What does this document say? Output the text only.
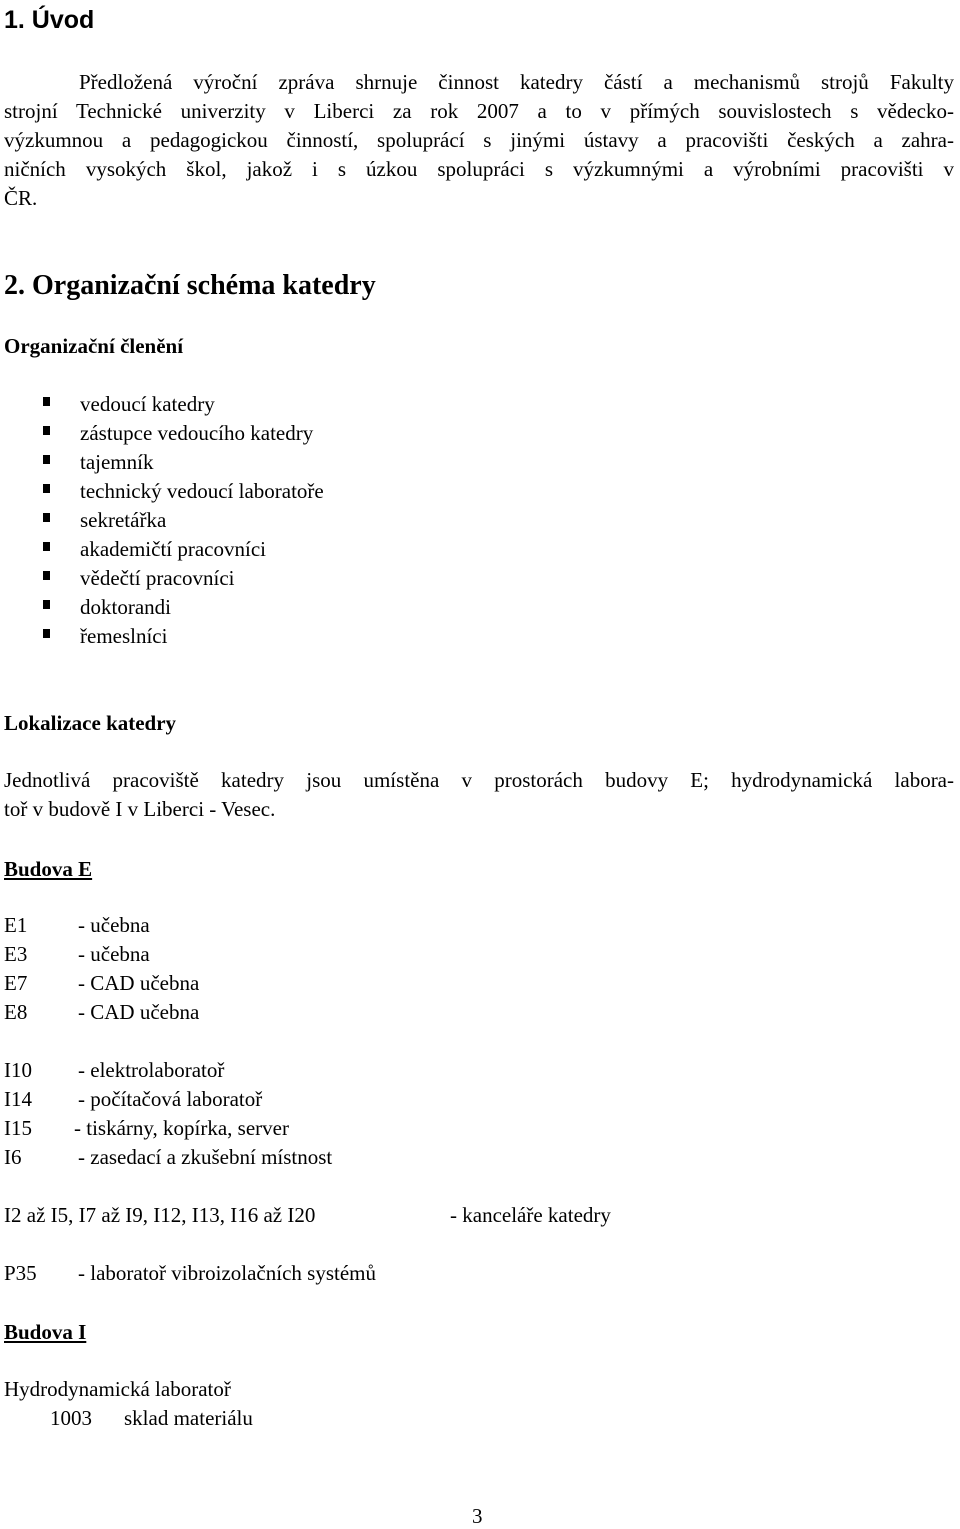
1. Úvod
Předložená výroční zpráva shrnuje činnost katedry částí a mechanismů strojů Fakulty
strojní Technické univerzity v Liberci za rok 2007 a to v přímých souvislostech s vědecko-
výzkumnou a pedagogickou činností, spoluprácí s jinými ústavy a pracovišti českých a zahra-
ničních vysokých škol, jakož i s úzkou spolupráci s výzkumnými a výrobními pracovišti v
ČR.
2. Organizační schéma katedry
Organizační členění
vedoucí katedry
zástupce vedoucího katedry
tajemník
technický vedoucí laboratoře
sekretářka
akademičtí pracovníci
vědečtí pracovníci
doktorandi
řemeslníci
Lokalizace katedry
Jednotlivá pracoviště katedry jsou umístěna v prostorách budovy E; hydrodynamická labora-
toř v budově I v Liberci - Vesec.
Budova E
E1 - učebna
E3 - učebna
E7 - CAD učebna
E8 - CAD učebna
I10 - elektrolaboratoř
I14 - počítačová laboratoř
I15 - tiskárny, kopírka, server
I6	- zasedací a zkušební místnost
I2 až I5, I7 až I9, I12, I13, I16 až I20	- kanceláře katedry
P35 - laboratoř vibroizolačních systémů
Budova I
Hydrodynamická laboratoř
1003 sklad materiálu
3
